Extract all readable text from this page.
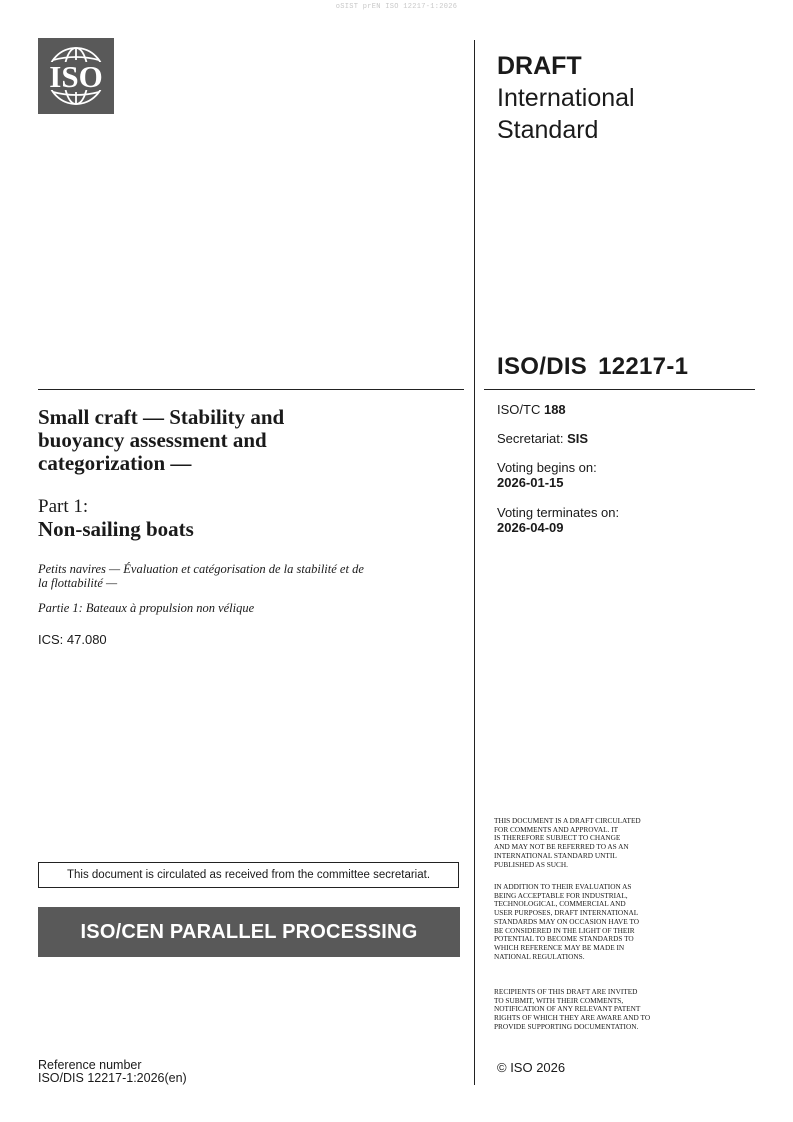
oSIST prEN ISO 12217-1:2026
ISO	DRAFT
International
Standard
ISO/DIS 12217-1
ISO/TC 188
Secretariat: SIS
Voting begins on:
2026-01-15
Voting terminates on:
2026-04-09
Small craft — Stability and
buoyancy assessment and
categorization —
Part 1:
Non-sailing boats
Petits navires — Évaluation et catégorisation de la stabilité et de
la flottabilité —
Partie 1: Bateaux à propulsion non vélique
ICS: 47.080
This document is circulated as received from the committee secretariat.
ISO/CEN PARALLEL PROCESSING
Reference number
ISO/DIS 12217-1:2026(en)
THIS DOCUMENT IS A DRAFT CIRCULATED
FOR COMMENTS AND APPROVAL. IT
IS THEREFORE SUBJECT TO CHANGE
AND MAY NOT BE REFERRED TO AS AN
INTERNATIONAL STANDARD UNTIL
PUBLISHED AS SUCH.
IN ADDITION TO THEIR EVALUATION AS
BEING ACCEPTABLE FOR INDUSTRIAL,
TECHNOLOGICAL, COMMERCIAL AND
USER PURPOSES, DRAFT INTERNATIONAL
STANDARDS MAY ON OCCASION HAVE TO
BE CONSIDERED IN THE LIGHT OF THEIR
POTENTIAL TO BECOME STANDARDS TO
WHICH REFERENCE MAY BE MADE IN
NATIONAL REGULATIONS.
RECIPIENTS OF THIS DRAFT ARE INVITED
TO SUBMIT, WITH THEIR COMMENTS,
NOTIFICATION OF ANY RELEVANT PATENT
RIGHTS OF WHICH THEY ARE AWARE AND TO
PROVIDE SUPPORTING DOCUMENTATION.
© ISO 2026
